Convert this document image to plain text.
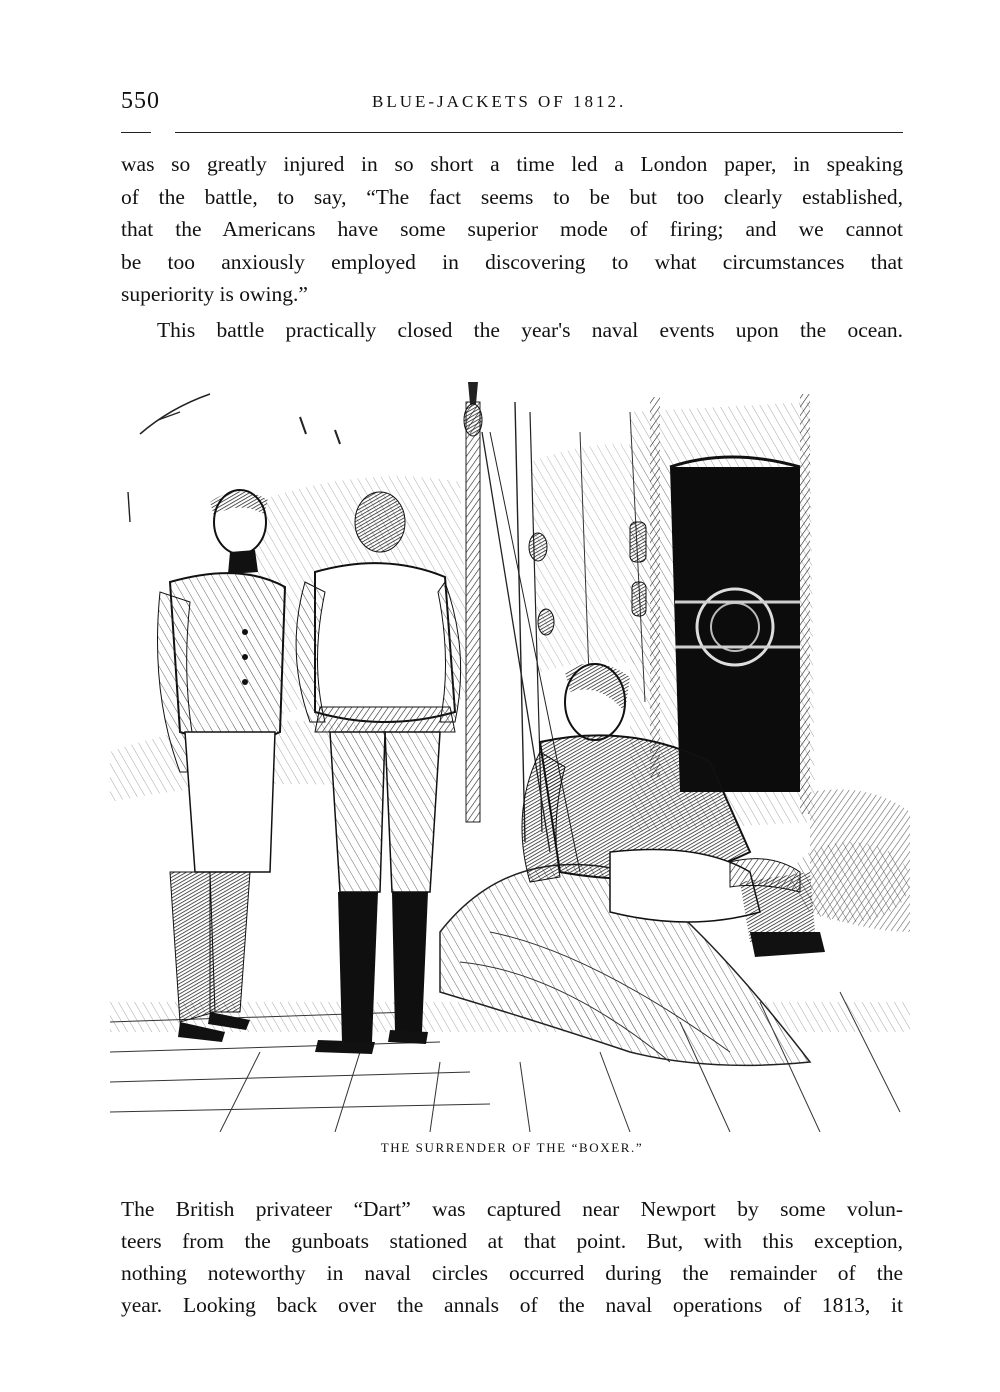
550	BLUE-JACKETS OF 1812.
was so greatly injured in so short a time led a London paper, in speaking
of the battle, to say, “The fact seems to be but too clearly established,
that the Americans have some superior mode of firing; and we cannot
be too anxiously employed in discovering to what circumstances that
superiority is owing.”
This battle practically closed the year's naval events upon the ocean.
THE SURRENDER OF THE “BOXER.”
The British privateer “Dart” was captured near Newport by some volun-
teers from the gunboats stationed at that point. But, with this exception,
nothing noteworthy in naval circles occurred during the remainder of the
year. Looking back over the annals of the naval operations of 1813, it
